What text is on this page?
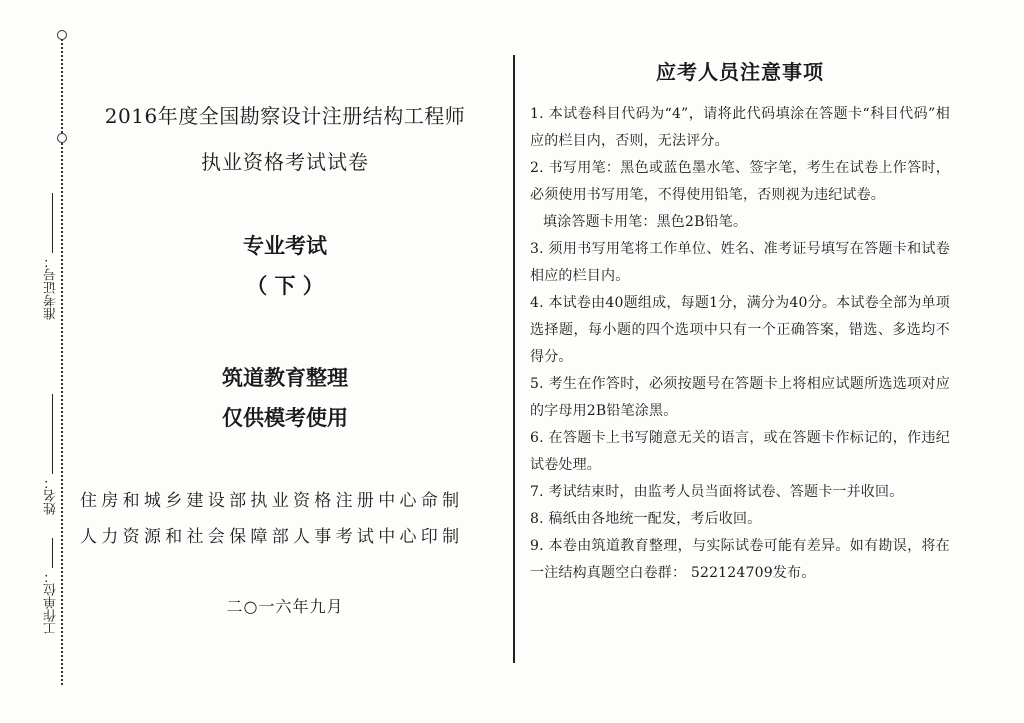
准考证号：
姓名：
工作单位：
2016年度全国勘察设计注册结构工程师
执业资格考试试卷
专业考试
（ 下 ）
筑道教育整理
仅供模考使用
住房和城乡建设部执业资格注册中心命制
人力资源和社会保障部人事考试中心印制
二○一六年九月
应考人员注意事项

1. 本试卷科目代码为“4”，请将此代码填涂在答题卡“科目代码”相应的栏目内，否则，无法评分。

2. 书写用笔：黑色或蓝色墨水笔、签字笔，考生在试卷上作答时，必须使用书写用笔，不得使用铅笔，否则视为违纪试卷。

填涂答题卡用笔：黑色2B铅笔。

3. 须用书写用笔将工作单位、姓名、准考证号填写在答题卡和试卷相应的栏目内。

4. 本试卷由40题组成，每题1分，满分为40分。本试卷全部为单项选择题，每小题的四个选项中只有一个正确答案，错选、多选均不得分。

5. 考生在作答时，必须按题号在答题卡上将相应试题所选选项对应的字母用2B铅笔涂黑。

6. 在答题卡上书写随意无关的语言，或在答题卡作标记的，作违纪试卷处理。

7. 考试结束时，由监考人员当面将试卷、答题卡一并收回。

8. 稿纸由各地统一配发，考后收回。

9. 本卷由筑道教育整理，与实际试卷可能有差异。如有勘误，将在一注结构真题空白卷群： 522124709发布。
